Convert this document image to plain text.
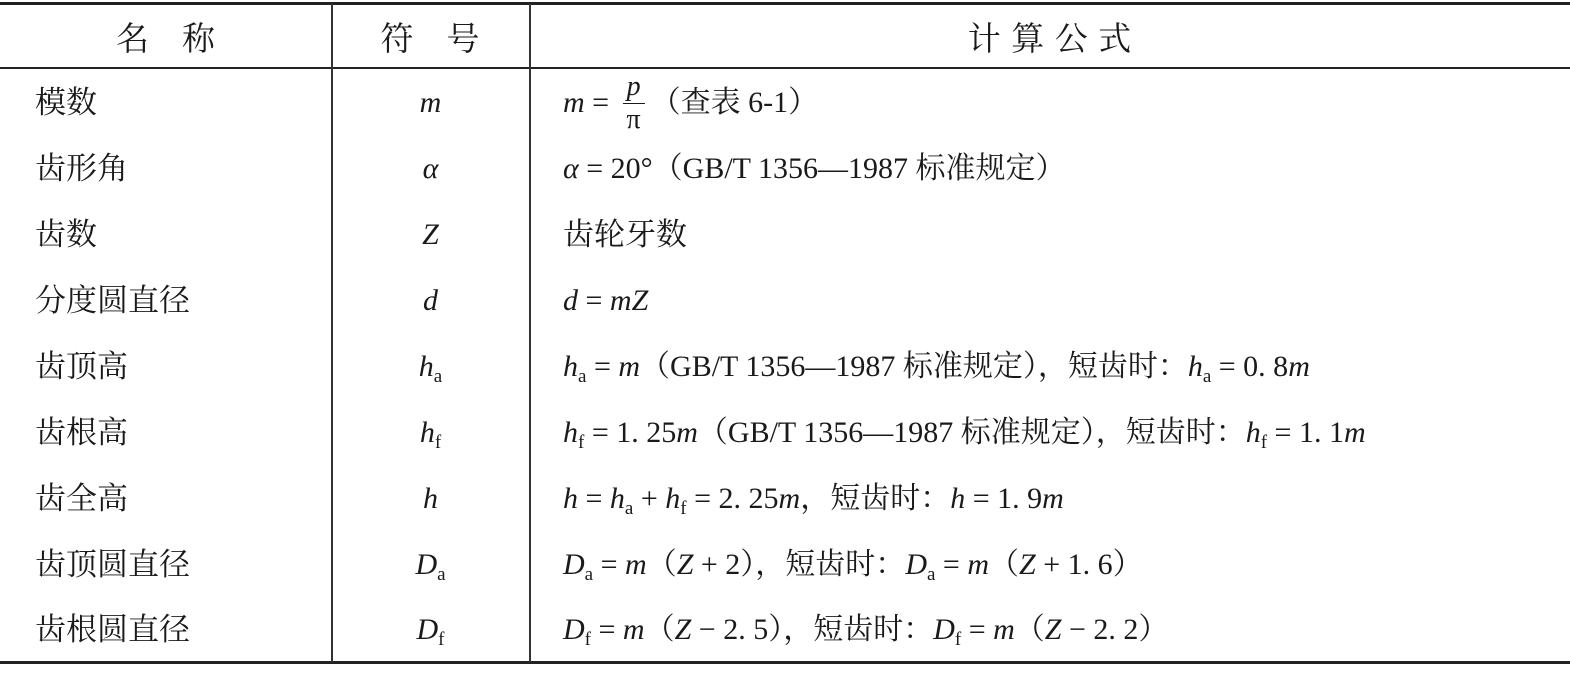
名　称	符　号	计 算 公 式
模数	m	$m = \frac{p}{\pi}$ （查表 6-1）
齿形角	α	α = 20°（GB/T 1356—1987 标准规定）
齿数	Z	齿轮牙数
分度圆直径	d	d = mZ
齿顶高	$h_a$	$h_a = m(GB/T$ 1356—1987 标准规定），短齿时：$h_a = 0$. 8m
齿根高	$h_f$	$h_f = 1$. 25m（GB/T 1356—1987 标准规定），短齿时：$h_f = 1$. 1m
齿全高	h	$h = h_a + h_f = 2$. 25m，短齿时：h = 1. 9m
齿顶圆直径	$D_a$	$D_a = m(Z + 2)$，短齿时：$D_a = m(Z + 1$. 6）
齿根圆直径	$D_f$	$D_f = m(Z - 2$. 5），短齿时：$D_f = m(Z - 2$. 2）
